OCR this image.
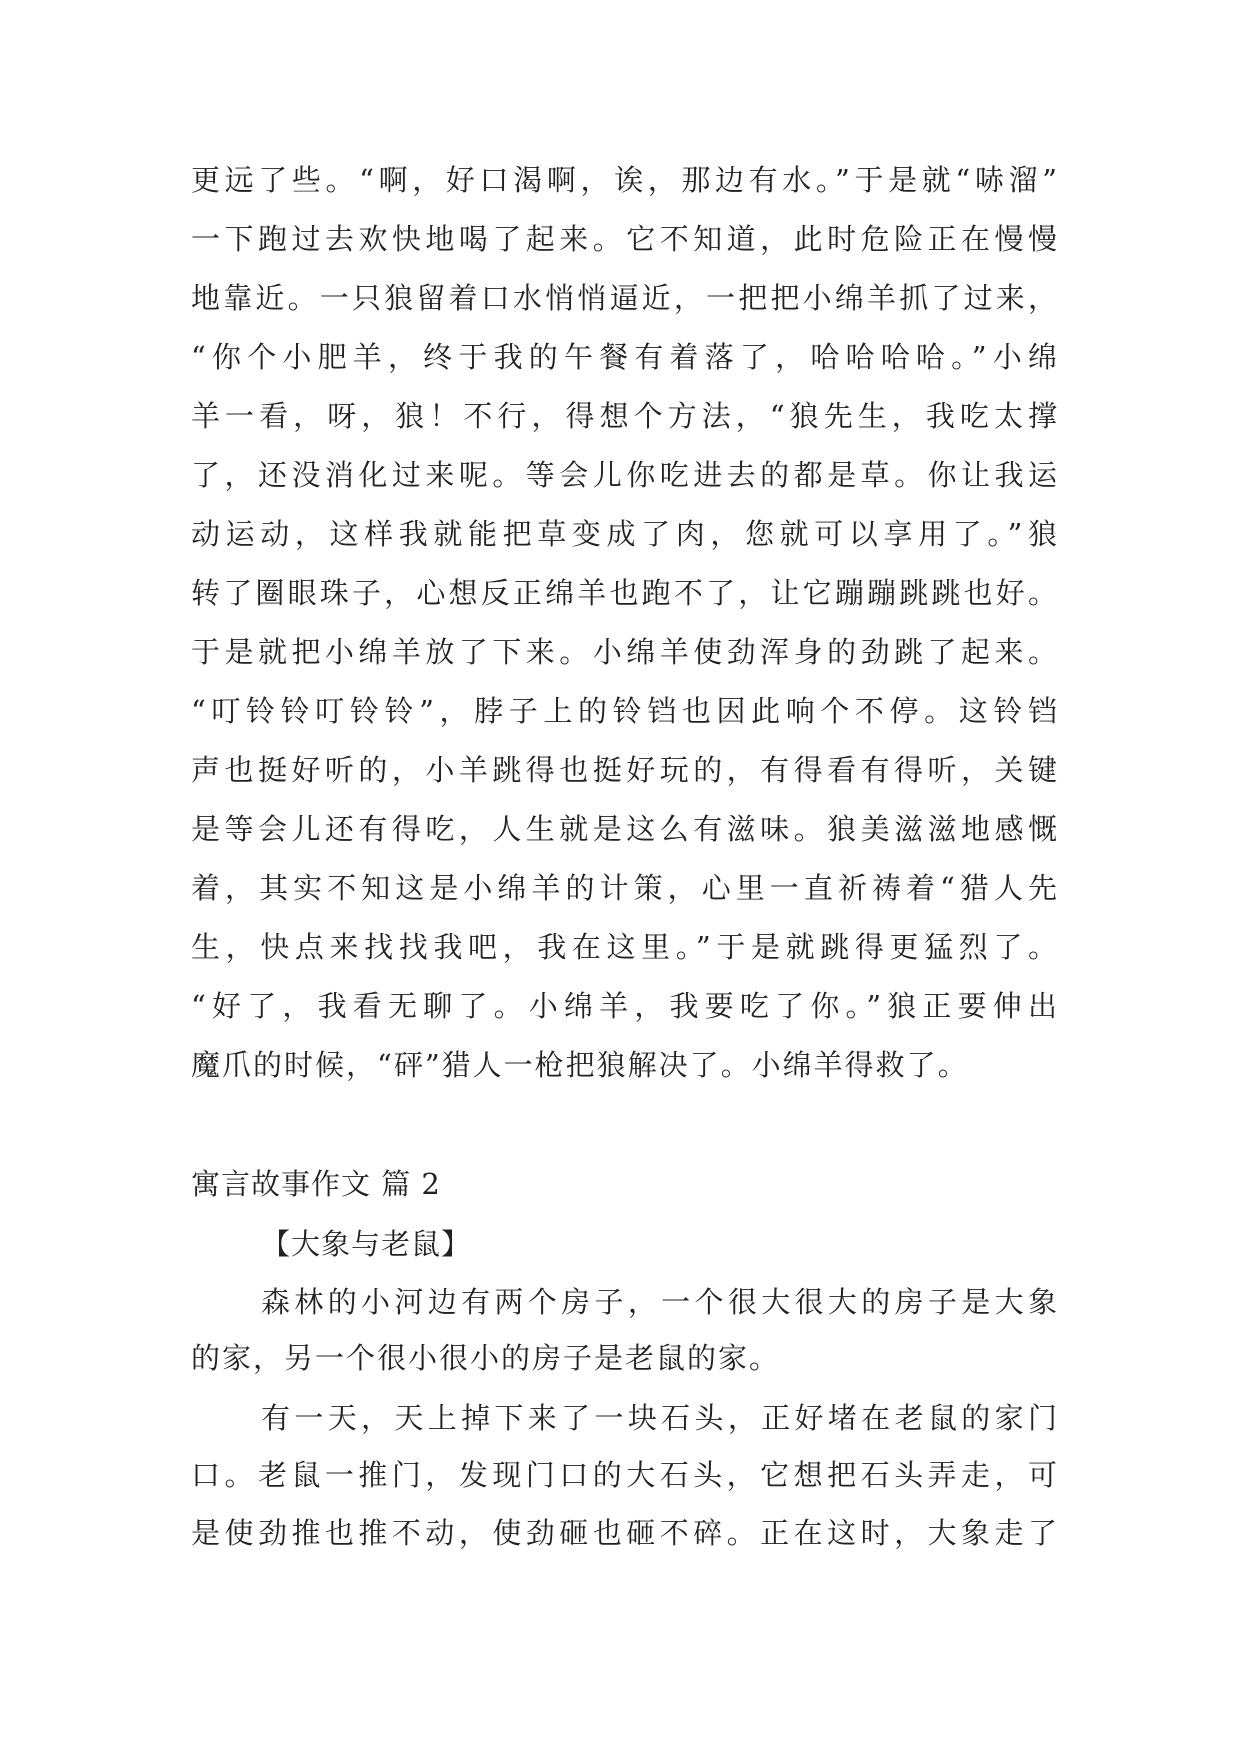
更远了些。“啊，好口渴啊，诶，那边有水。”于是就“哧溜”
一下跑过去欢快地喝了起来。它不知道，此时危险正在慢慢
地靠近。一只狼留着口水悄悄逼近，一把把小绵羊抓了过来，
“你个小肥羊，终于我的午餐有着落了，哈哈哈哈。”小绵
羊一看，呀，狼！不行，得想个方法，“狼先生，我吃太撑
了，还没消化过来呢。等会儿你吃进去的都是草。你让我运
动运动，这样我就能把草变成了肉，您就可以享用了。”狼
转了圈眼珠子，心想反正绵羊也跑不了，让它蹦蹦跳跳也好。
于是就把小绵羊放了下来。小绵羊使劲浑身的劲跳了起来。
“叮铃铃叮铃铃”，脖子上的铃铛也因此响个不停。这铃铛
声也挺好听的，小羊跳得也挺好玩的，有得看有得听，关键
是等会儿还有得吃，人生就是这么有滋味。狼美滋滋地感慨
着，其实不知这是小绵羊的计策，心里一直祈祷着“猎人先
生，快点来找找我吧，我在这里。”于是就跳得更猛烈了。
“好了，我看无聊了。小绵羊，我要吃了你。”狼正要伸出
魔爪的时候，“砰”猎人一枪把狼解决了。小绵羊得救了。
寓言故事作文 篇 2
【大象与老鼠】
森林的小河边有两个房子，一个很大很大的房子是大象
的家，另一个很小很小的房子是老鼠的家。
有一天，天上掉下来了一块石头，正好堵在老鼠的家门
口。老鼠一推门，发现门口的大石头，它想把石头弄走，可
是使劲推也推不动，使劲砸也砸不碎。正在这时，大象走了
